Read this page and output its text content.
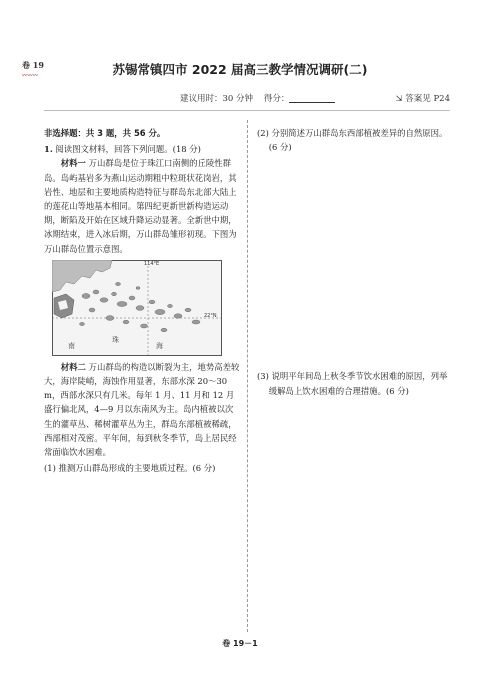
卷 19
〰〰〰	苏锡常镇四市 2022 届高三教学情况调研(二)
建议用时：30 分钟 得分：	⇲ 答案见 P24

非选择题：共 3 题，共 56 分。

1. 阅读图文材料，回答下列问题。(18 分)

材料一 万山群岛是位于珠江口南侧的丘陵性群岛。岛屿基岩多为燕山运动期粗中粒斑状花岗岩，其岩性、地层和主要地质构造特征与群岛东北部大陆上的莲花山等地基本相同。第四纪更新世新构造运动期，断陷及开始在区域升降运动显著。全新世中期，冰期结束，进入冰后期，万山群岛雏形初现。下图为万山群岛位置示意图。

114°E
22°N
珠
海
南

材料二 万山群岛的构造以断裂为主，地势高差较大，海岸陡峭，海蚀作用显著，东部水深 20～30 m，西部水深只有几米。每年 1 月、11 月和 12 月盛行偏北风，4—9 月以东南风为主。岛内植被以次生的灌草丛、稀树灌草丛为主，群岛东部植被稀疏，西部相对茂密。平年间，每到秋冬季节，岛上居民经常面临饮水困难。

(1) 推测万山群岛形成的主要地质过程。(6 分)

(2) 分别简述万山群岛东西部植被差异的自然原因。(6 分)

(3) 说明平年间岛上秋冬季节饮水困难的原因，列举缓解岛上饮水困难的合理措施。(6 分)

卷 19－1
